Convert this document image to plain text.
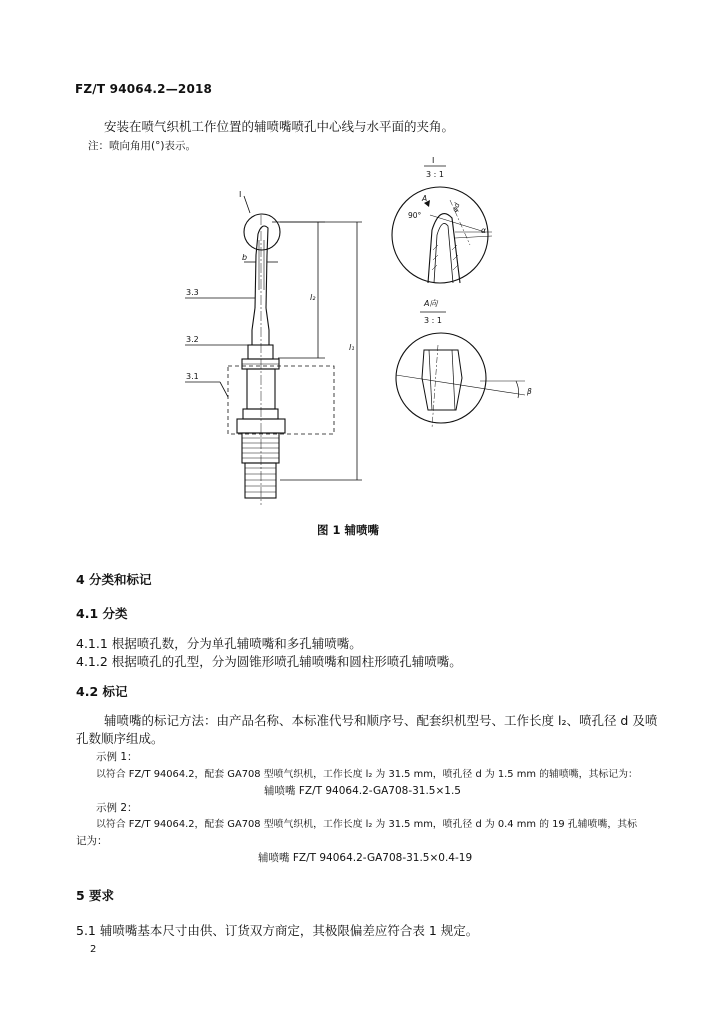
FZ/T 94064.2—2018
安装在喷气织机工作位置的辅喷嘴喷孔中心线与水平面的夹角。
注：喷向角用(°)表示。
Ⅰ
b
3.3
3.2
3.1
l₂
l₁
Ⅰ
3 : 1
90°
A
φd
α
A向
3 : 1
β
图 1 辅喷嘴
4 分类和标记
4.1 分类
4.1.1 根据喷孔数，分为单孔辅喷嘴和多孔辅喷嘴。
4.1.2 根据喷孔的孔型，分为圆锥形喷孔辅喷嘴和圆柱形喷孔辅喷嘴。
4.2 标记
辅喷嘴的标记方法：由产品名称、本标准代号和顺序号、配套织机型号、工作长度 l₂、喷孔径 d 及喷
孔数顺序组成。
示例 1：
以符合 FZ/T 94064.2，配套 GA708 型喷气织机，工作长度 l₂ 为 31.5 mm，喷孔径 d 为 1.5 mm 的辅喷嘴，其标记为：
辅喷嘴 FZ/T 94064.2-GA708-31.5×1.5
示例 2：
以符合 FZ/T 94064.2，配套 GA708 型喷气织机，工作长度 l₂ 为 31.5 mm，喷孔径 d 为 0.4 mm 的 19 孔辅喷嘴，其标
记为：
辅喷嘴 FZ/T 94064.2-GA708-31.5×0.4-19
5 要求
5.1 辅喷嘴基本尺寸由供、订货双方商定，其极限偏差应符合表 1 规定。
2
